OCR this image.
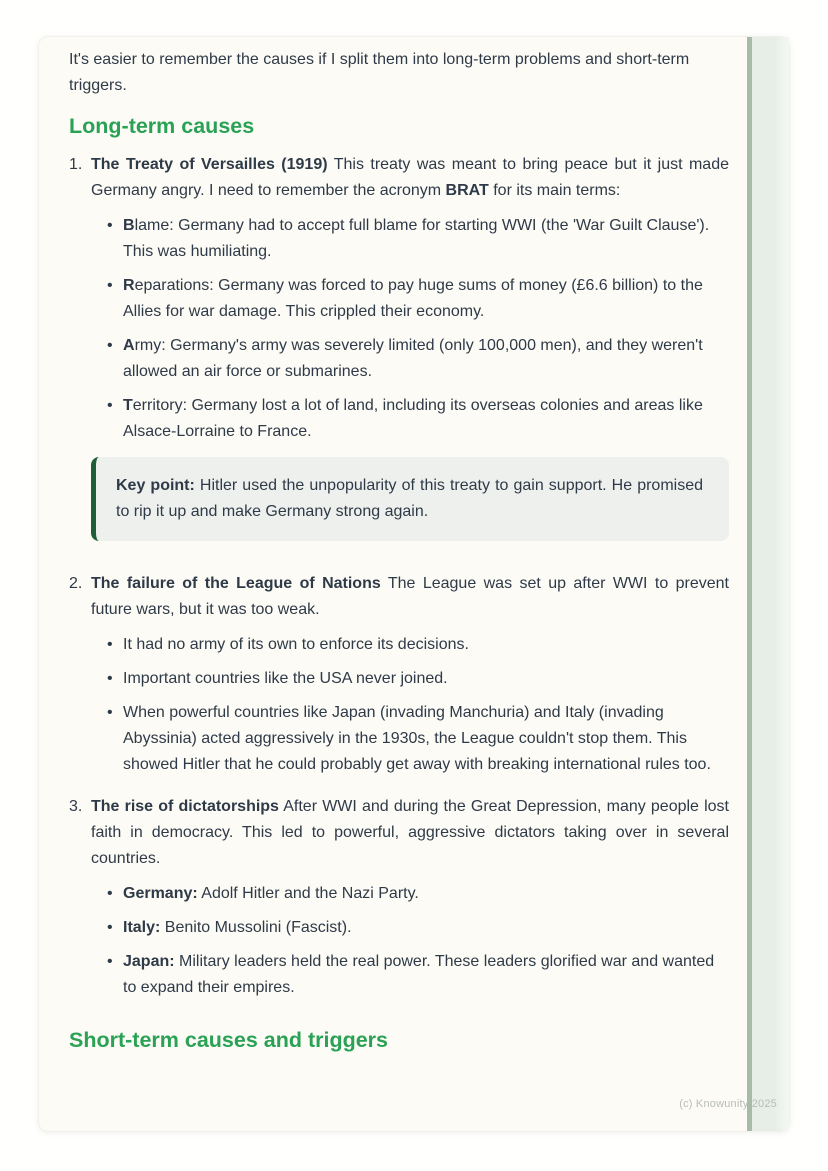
It's easier to remember the causes if I split them into long-term problems and short-term triggers.

Long-term causes
1. The Treaty of Versailles (1919) This treaty was meant to bring peace but it just made Germany angry. I need to remember the acronym BRAT for its main terms:

•

Blame: Germany had to accept full blame for starting WWI (the 'War Guilt Clause'). This was humiliating.

•

Reparations: Germany was forced to pay huge sums of money (£6.6 billion) to the Allies for war damage. This crippled their economy.

•

Army: Germany's army was severely limited (only 100,000 men), and they weren't allowed an air force or submarines.

•

Territory: Germany lost a lot of land, including its overseas colonies and areas like Alsace-Lorraine to France.

Key point: Hitler used the unpopularity of this treaty to gain support. He promised to rip it up and make Germany strong again.

2. The failure of the League of Nations The League was set up after WWI to prevent future wars, but it was too weak.

•

It had no army of its own to enforce its decisions.

•

Important countries like the USA never joined.

•

When powerful countries like Japan (invading Manchuria) and Italy (invading Abyssinia) acted aggressively in the 1930s, the League couldn't stop them. This showed Hitler that he could probably get away with breaking international rules too.

3. The rise of dictatorships After WWI and during the Great Depression, many people lost faith in democracy. This led to powerful, aggressive dictators taking over in several countries.

•

Germany: Adolf Hitler and the Nazi Party.

•

Italy: Benito Mussolini (Fascist).

•

Japan: Military leaders held the real power. These leaders glorified war and wanted to expand their empires.

Short-term causes and triggers
(c) Knowunity 2025
